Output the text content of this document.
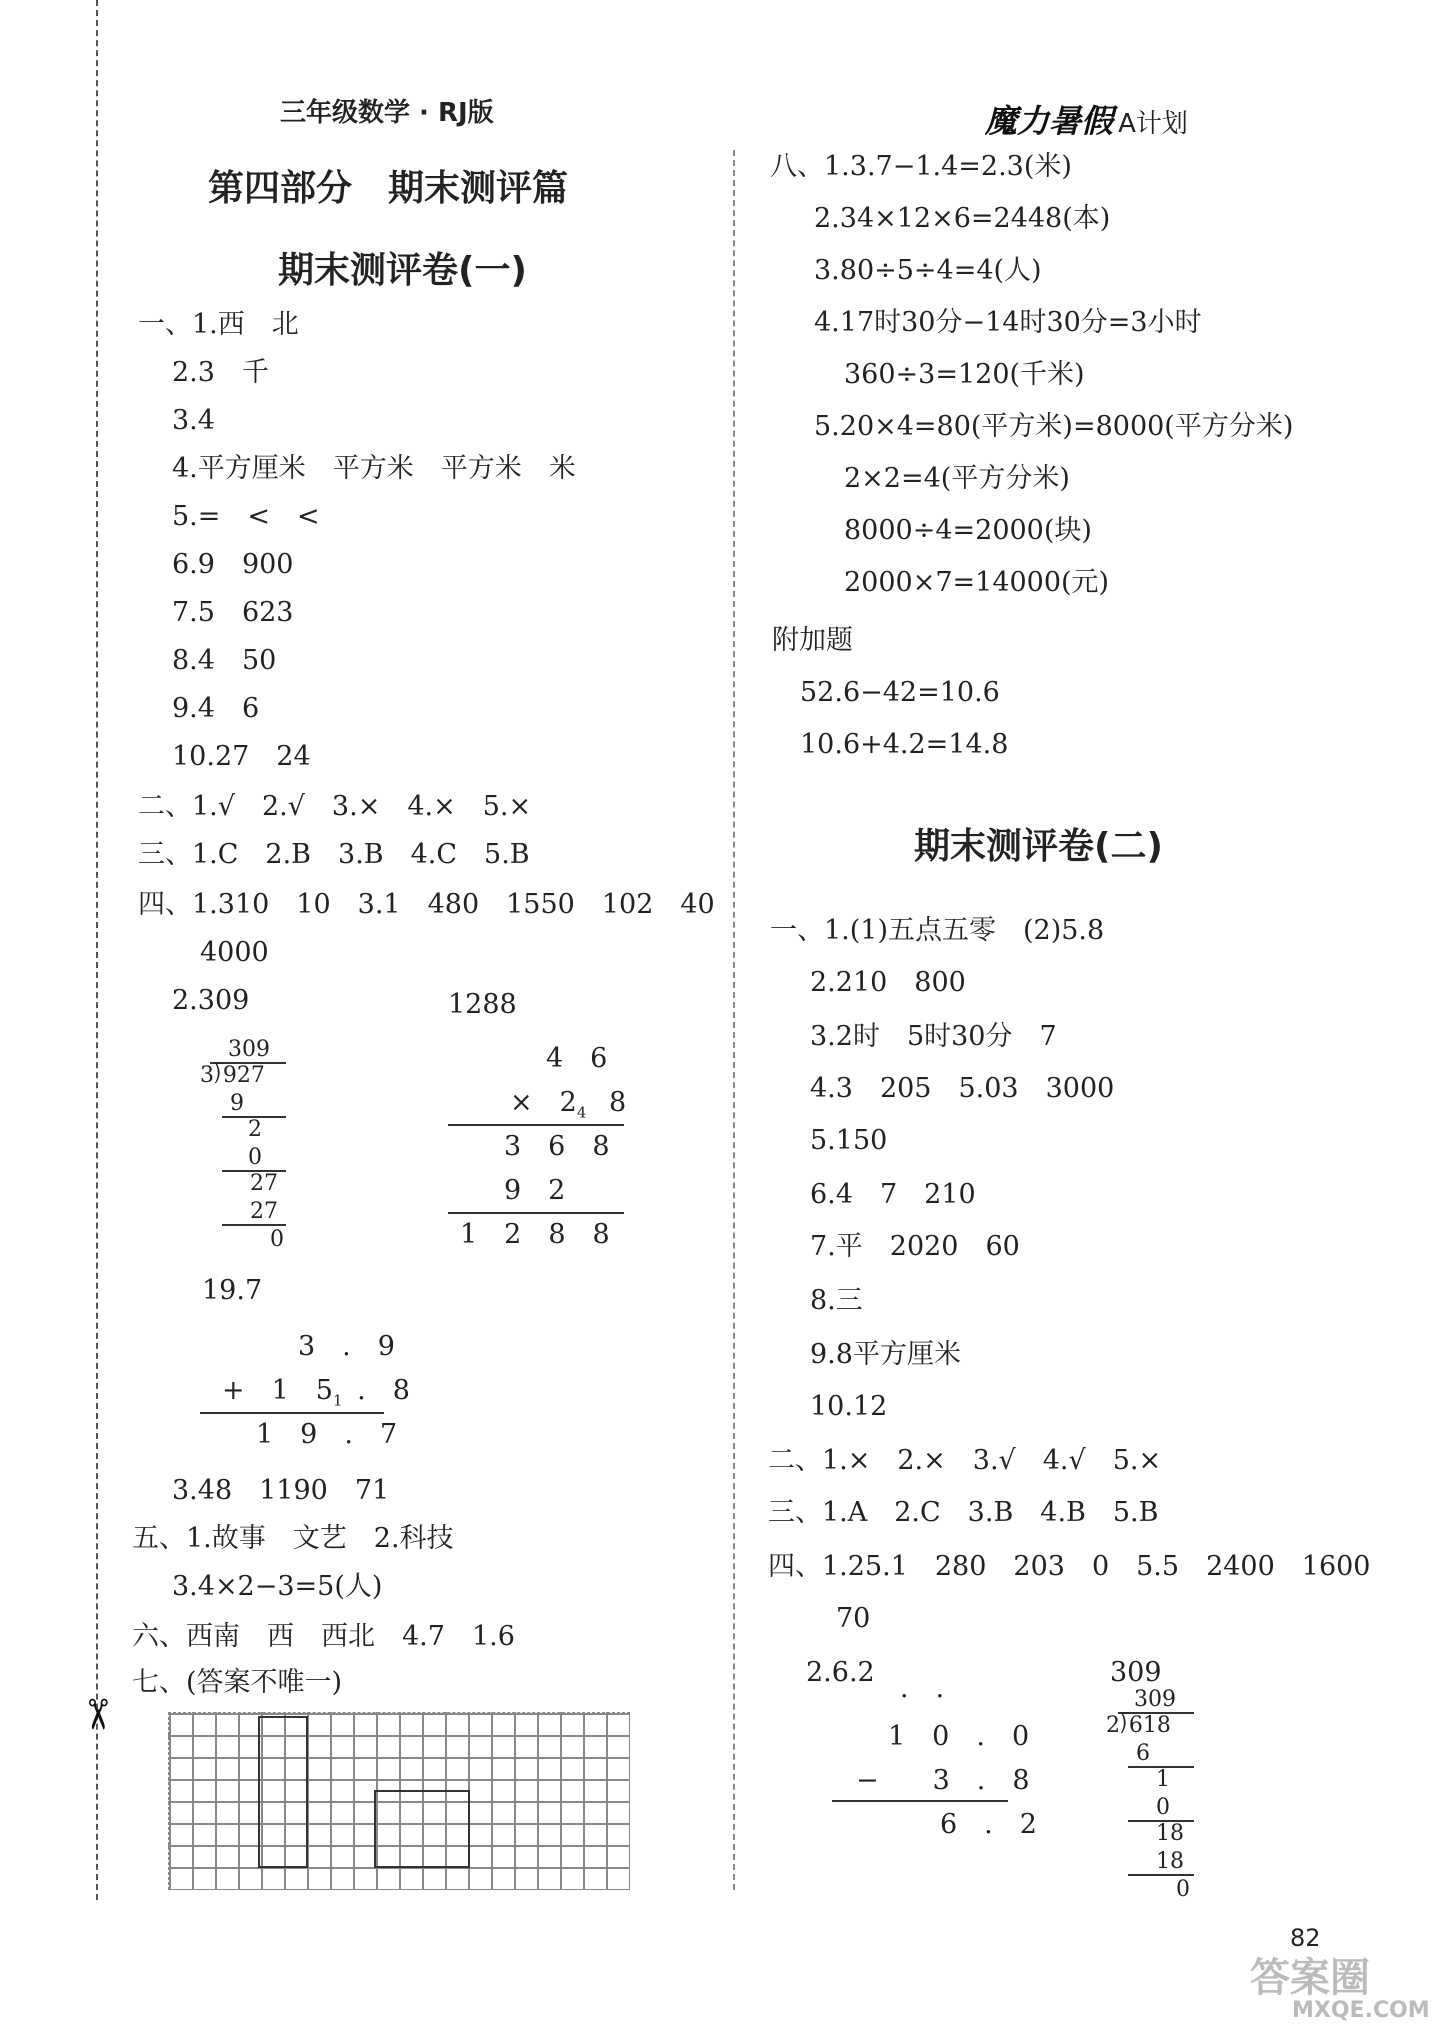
✂
三年级数学 · RJ版	魔力暑假 A计划
第四部分　期末测评篇
期末测评卷(一)
一、1.西　北
2.3　千
3.4
4.平方厘米　平方米　平方米　米
5.=　<　<
6.9　900
7.5　623
8.4　50
9.4　6
10.27　24
二、1.√　2.√　3.×　4.×　5.×
三、1.C　2.B　3.B　4.C　5.B
四、1.310　10　3.1　480　1550　102　40
4000
2.309	1288
309
3⟌927
9
2
0
27
27
0
4　6
×　$2_4$ 8
3　6　8
9　2
1　2　8　8
19.7
3　.　9
+　1　$5_1$ .　8
1　9　.　7
3.48　1190　71
五、1.故事　文艺　2.科技
3.4×2−3=5(人)
六、西南　西　西北　4.7　1.6
七、(答案不唯一)
八、1.3.7−1.4=2.3(米)
2.34×12×6=2448(本)
3.80÷5÷4=4(人)
4.17时30分−14时30分=3小时
360÷3=120(千米)
5.20×4=80(平方米)=8000(平方分米)
2×2=4(平方分米)
8000÷4=2000(块)
2000×7=14000(元)
附加题
52.6−42=10.6
10.6+4.2=14.8
期末测评卷(二)
一、1.(1)五点五零　(2)5.8
2.210　800
3.2时　5时30分　7
4.3　205　5.03　3000
5.150
6.4　7　210
7.平　2020　60
8.三
9.8平方厘米
10.12
二、1.×　2.×　3.√　4.√　5.×
三、1.A　2.C　3.B　4.B　5.B
四、1.25.1　280　203　0　5.5　2400　1600
70
2.6.2	309
·　·
1　0　.　0
−　　3　.　8
6　.　2
309
2⟌618
6
1
0
18
18
0
82
答案圈
MXQE.COM
